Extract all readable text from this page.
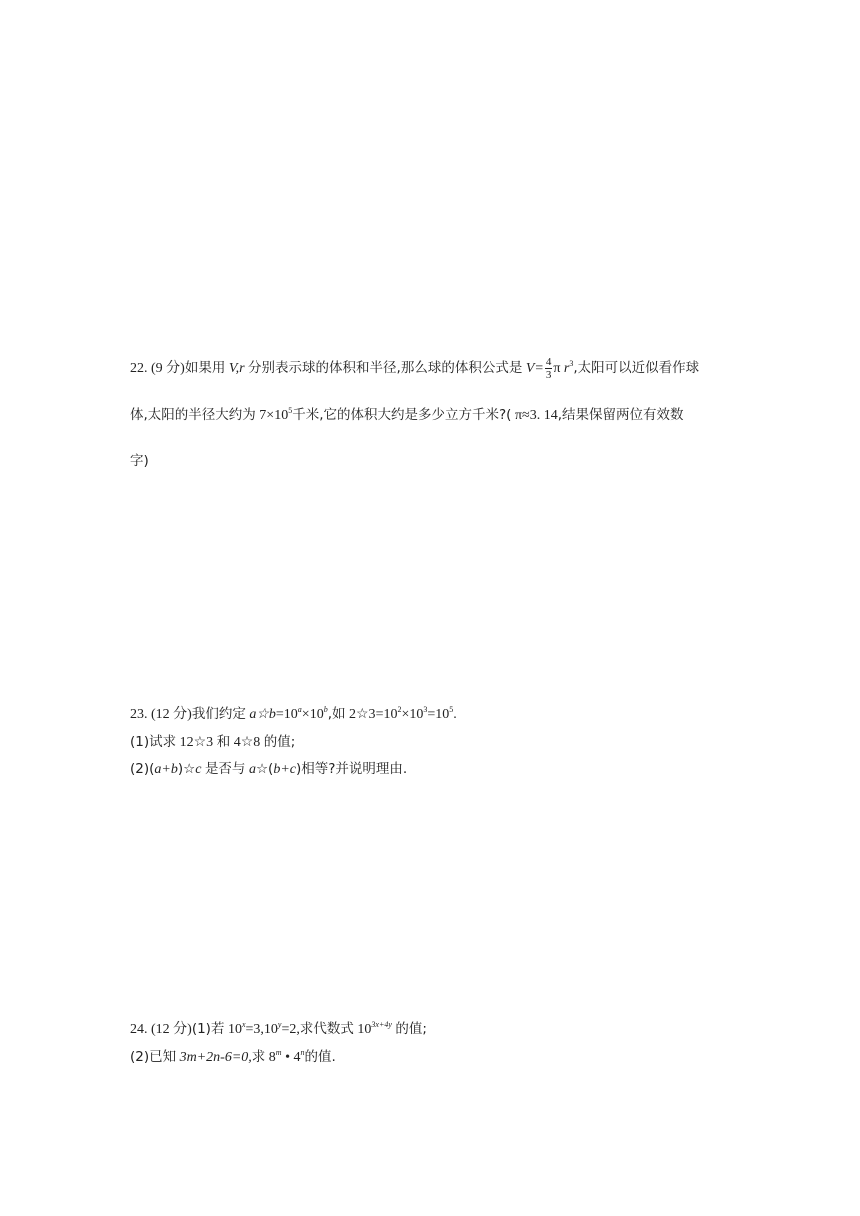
22. (9 分)如果用 V,r 分别表示球的体积和半径,那么球的体积公式是 $V= \frac{4}{3}$ π $r^3$,太阳可以近似看作球
体,太阳的半径大约为 $7\times 10^5$千米,它的体积大约是多少立方千米?( π≈3. 14,结果保留两位有效数
字)
23. (12 分)我们约定 $a☆b=10^a\times 10^b$,如 $2☆3=10^2\times 10^3=10^5$.
(1)试求 12☆3 和 4☆8 的值;
(2)(a+b)☆c 是否与 a☆(b+c)相等?并说明理由.
24. (12 分)(1)若 $10^x=3,10^y=2$,求代数式 $10^{3x+4y}$ 的值;
(2)已知 3m+2n-6=0,求 8$^m$ • 4$^n$的值.
